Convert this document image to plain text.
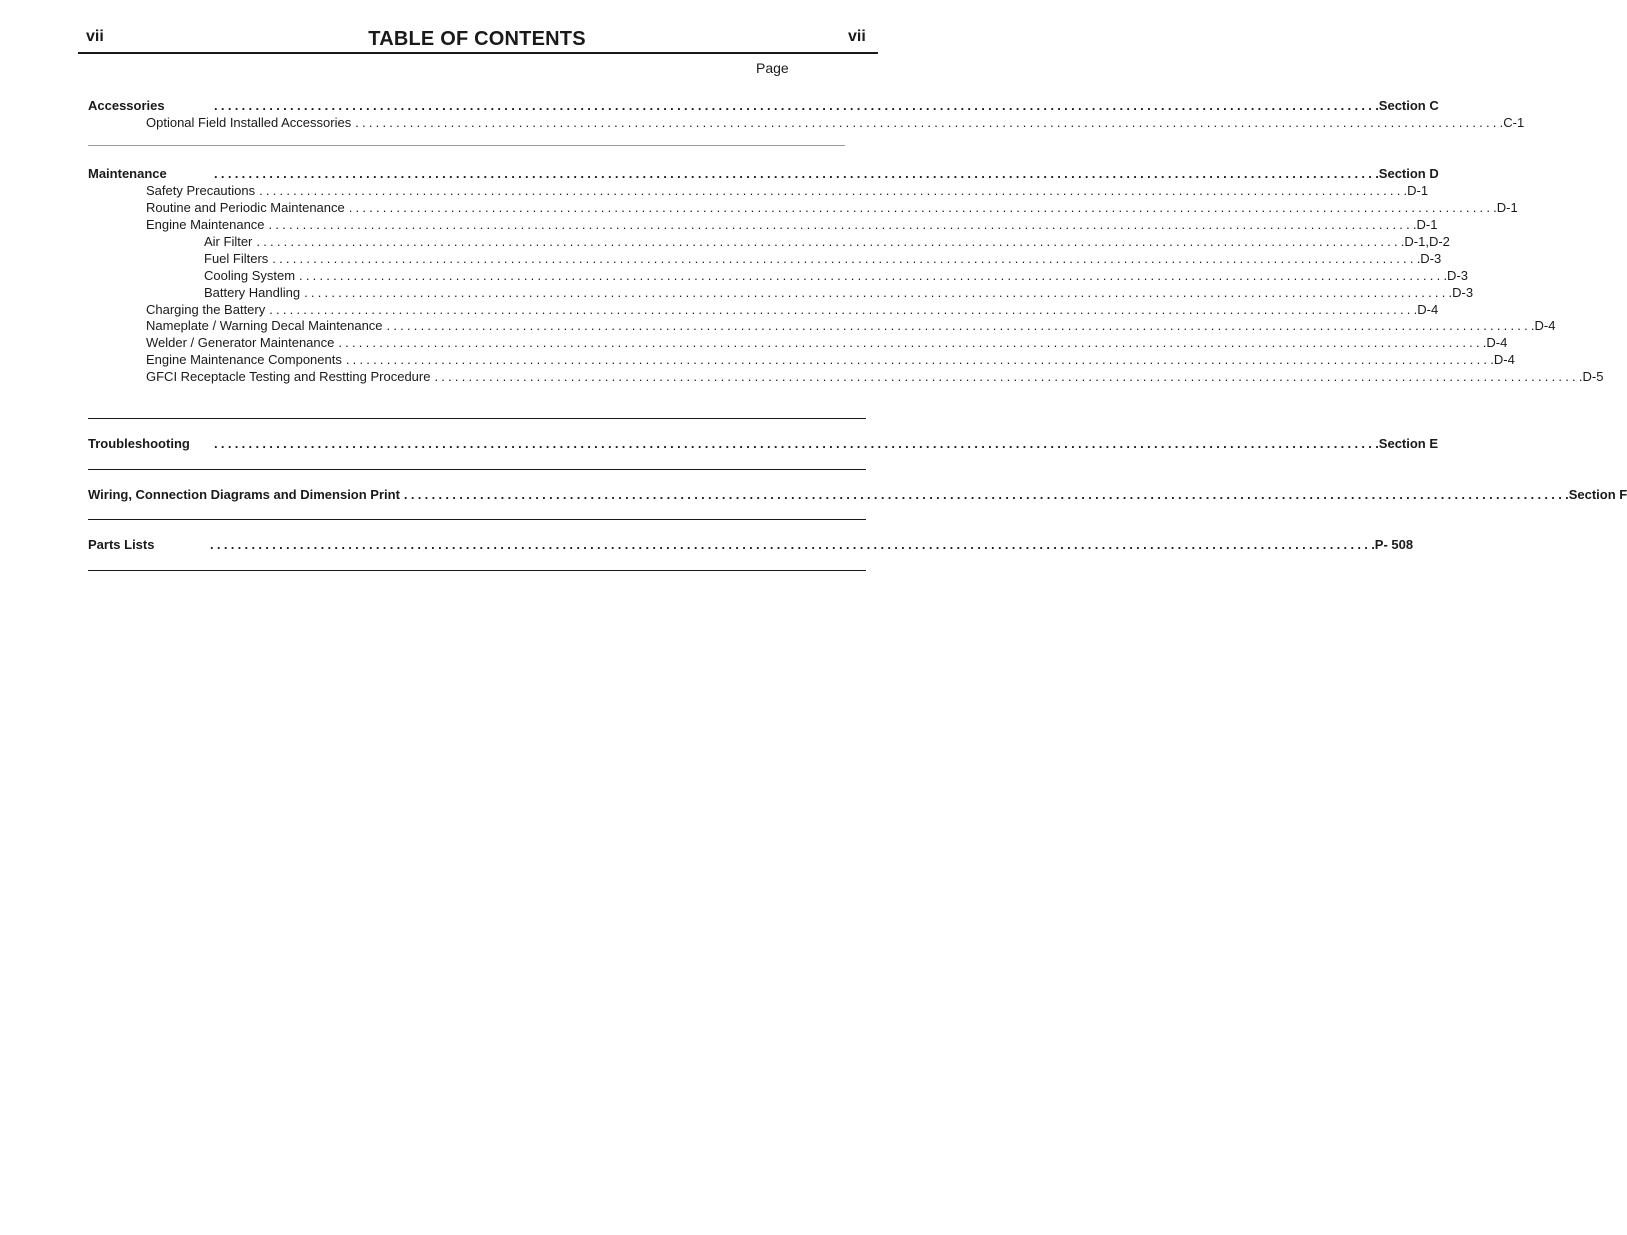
vii	TABLE OF CONTENTS	vii
Page
Accessories	........................................................................................................................................................................ .Section C
Optional Field Installed Accessories ........................................................................................................................................................................ .C-1
Maintenance	........................................................................................................................................................................ .Section D
Safety Precautions ........................................................................................................................................................................ .D-1
Routine and Periodic Maintenance ........................................................................................................................................................................ .D-1
Engine Maintenance ........................................................................................................................................................................ .D-1
Air Filter ........................................................................................................................................................................ .D-1,D-2
Fuel Filters ........................................................................................................................................................................ .D-3
Cooling System ........................................................................................................................................................................ .D-3
Battery Handling ........................................................................................................................................................................ .D-3
Charging the Battery ........................................................................................................................................................................ .D-4
Nameplate / Warning Decal Maintenance ........................................................................................................................................................................ .D-4
Welder / Generator Maintenance ........................................................................................................................................................................ .D-4
Engine Maintenance Components ........................................................................................................................................................................ .D-4
GFCI Receptacle Testing and Restting Procedure ........................................................................................................................................................................ .D-5
Troubleshooting	........................................................................................................................................................................ .Section E
Wiring, Connection Diagrams and Dimension Print ........................................................................................................................................................................ .Section F
Parts Lists	........................................................................................................................................................................ .P- 508
